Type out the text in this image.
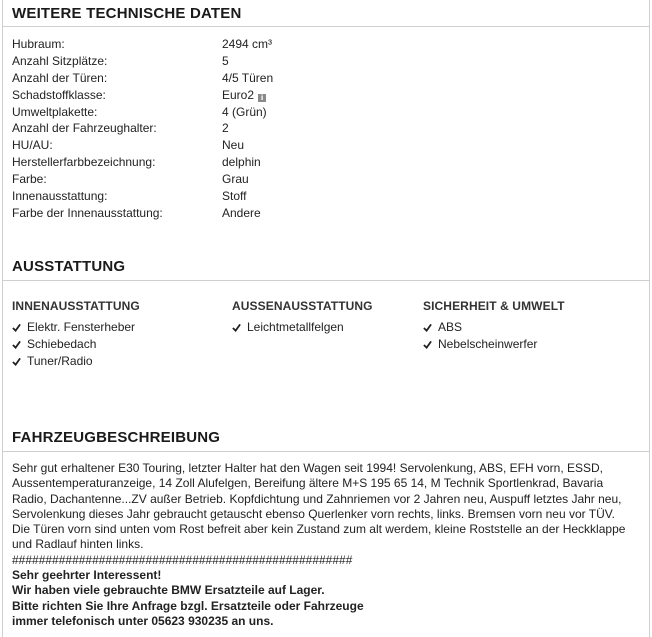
WEITERE TECHNISCHE DATEN
Hubraum:	2494 cm³
Anzahl Sitzplätze:	5
Anzahl der Türen:	4/5 Türen
Schadstoffklasse:	Euro2 i
Umweltplakette:	4 (Grün)
Anzahl der Fahrzeughalter:	2
HU/AU:	Neu
Herstellerfarbbezeichnung:	delphin
Farbe:	Grau
Innenausstattung:	Stoff
Farbe der Innenausstattung:	Andere
AUSSTATTUNG
INNENAUSSTATTUNG
Elektr. Fensterheber
Schiebedach
Tuner/Radio
AUSSENAUSSTATTUNG
Leichtmetallfelgen
SICHERHEIT & UMWELT
ABS
Nebelscheinwerfer
FAHRZEUGBESCHREIBUNG

Sehr gut erhaltener E30 Touring, letzter Halter hat den Wagen seit 1994! Servolenkung, ABS, EFH vorn, ESSD,

Aussentemperaturanzeige, 14 Zoll Alufelgen, Bereifung ältere M+S 195 65 14, M Technik Sportlenkrad, Bavaria

Radio, Dachantenne...ZV außer Betrieb. Kopfdichtung und Zahnriemen vor 2 Jahren neu, Auspuff letztes Jahr neu,

Servolenkung dieses Jahr gebraucht getauscht ebenso Querlenker vorn rechts, links. Bremsen vorn neu vor TÜV.

Die Türen vorn sind unten vom Rost befreit aber kein Zustand zum alt werdem, kleine Roststelle an der Heckklappe

und Radlauf hinten links.

###################################################

Sehr geehrter Interessent!

Wir haben viele gebrauchte BMW Ersatzteile auf Lager.

Bitte richten Sie Ihre Anfrage bzgl. Ersatzteile oder Fahrzeuge

immer telefonisch unter 05623 930235 an uns.
